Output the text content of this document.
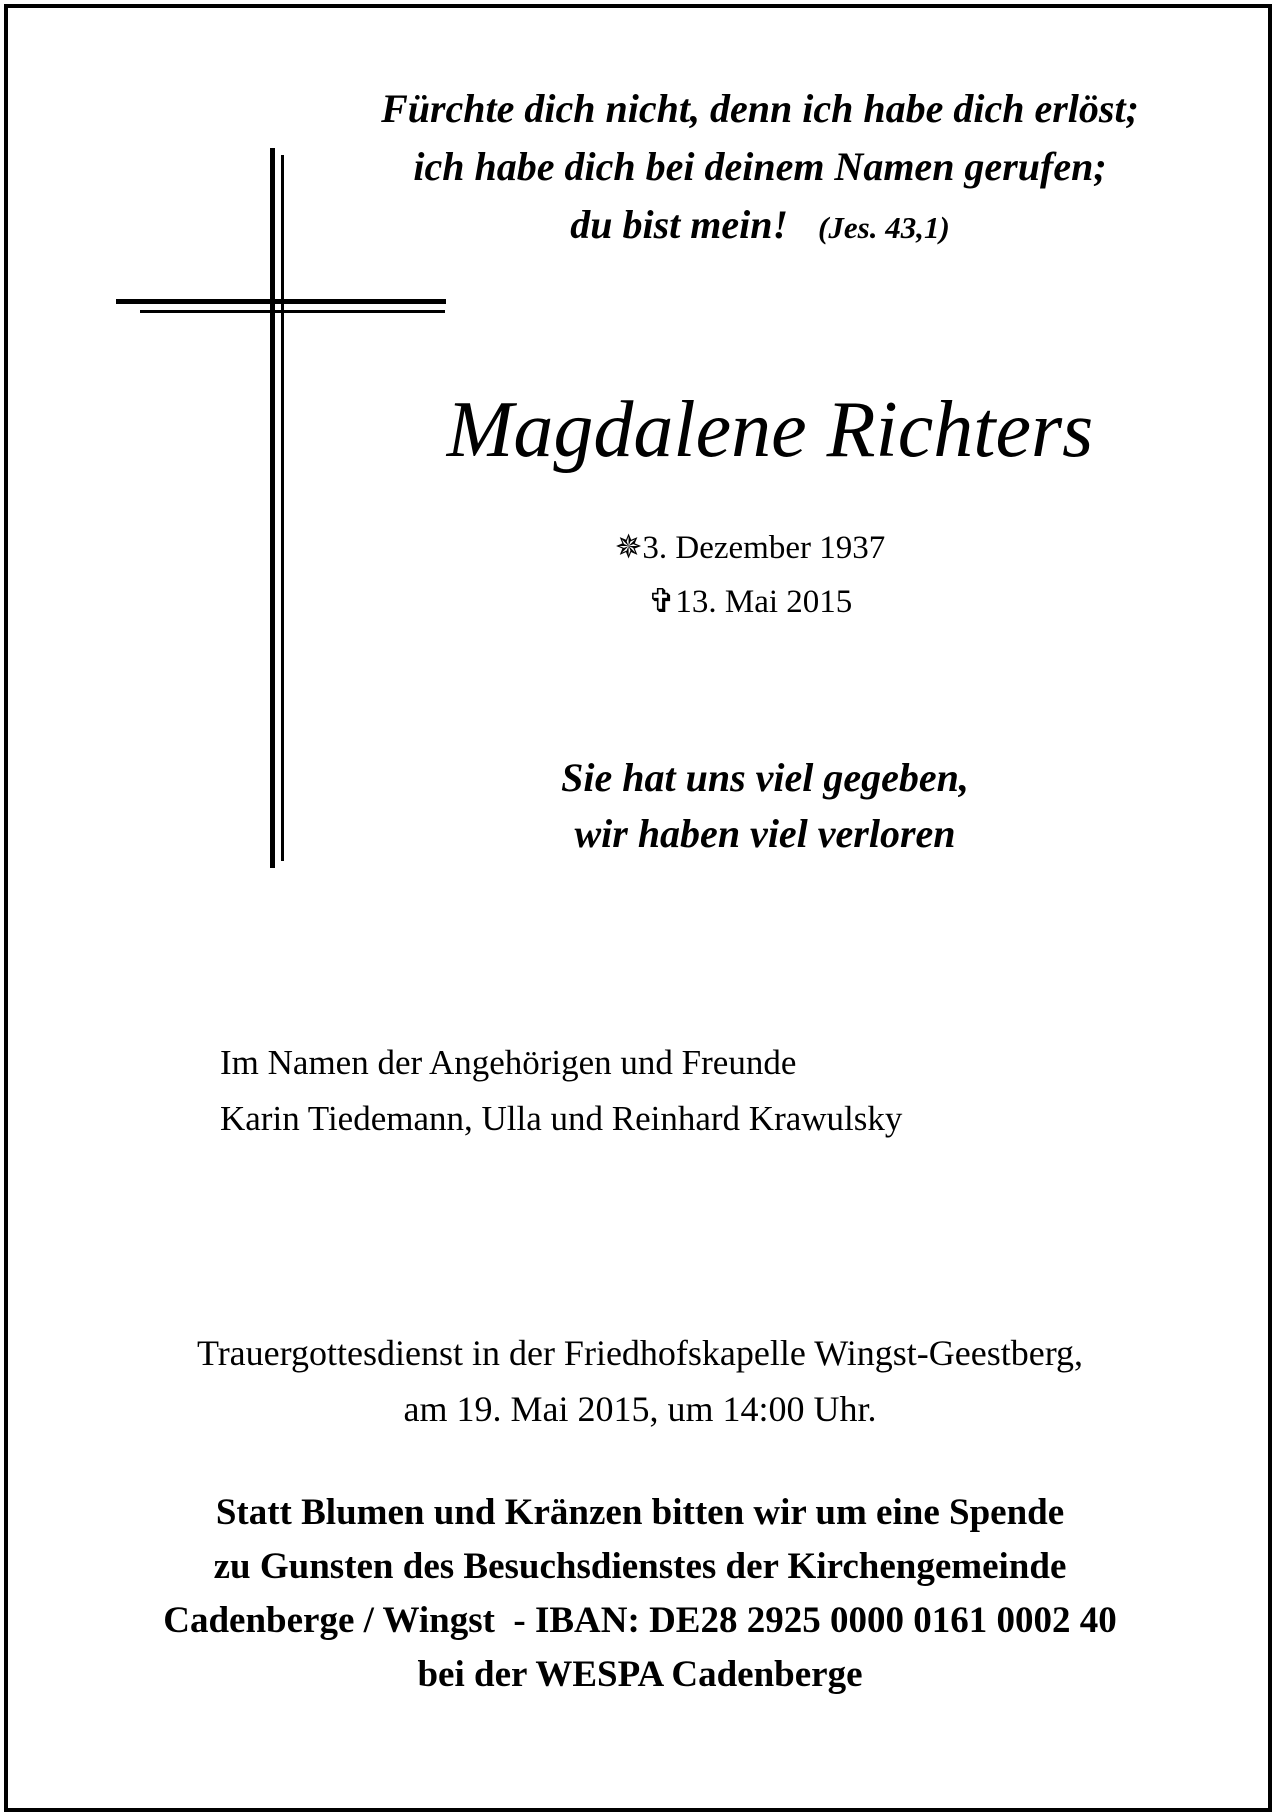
Fürchte dich nicht, denn ich habe dich erlöst;
ich habe dich bei deinem Namen gerufen;
du bist mein! (Jes. 43,1)
Magdalene Richters
✵3. Dezember 1937
✞13. Mai 2015
Sie hat uns viel gegeben,
wir haben viel verloren
Im Namen der Angehörigen und Freunde
Karin Tiedemann, Ulla und Reinhard Krawulsky
Trauergottesdienst in der Friedhofskapelle Wingst-Geestberg,
am 19. Mai 2015, um 14:00 Uhr.
Statt Blumen und Kränzen bitten wir um eine Spende
zu Gunsten des Besuchsdienstes der Kirchengemeinde
Cadenberge / Wingst  - IBAN: DE28 2925 0000 0161 0002 40
bei der WESPA Cadenberge
